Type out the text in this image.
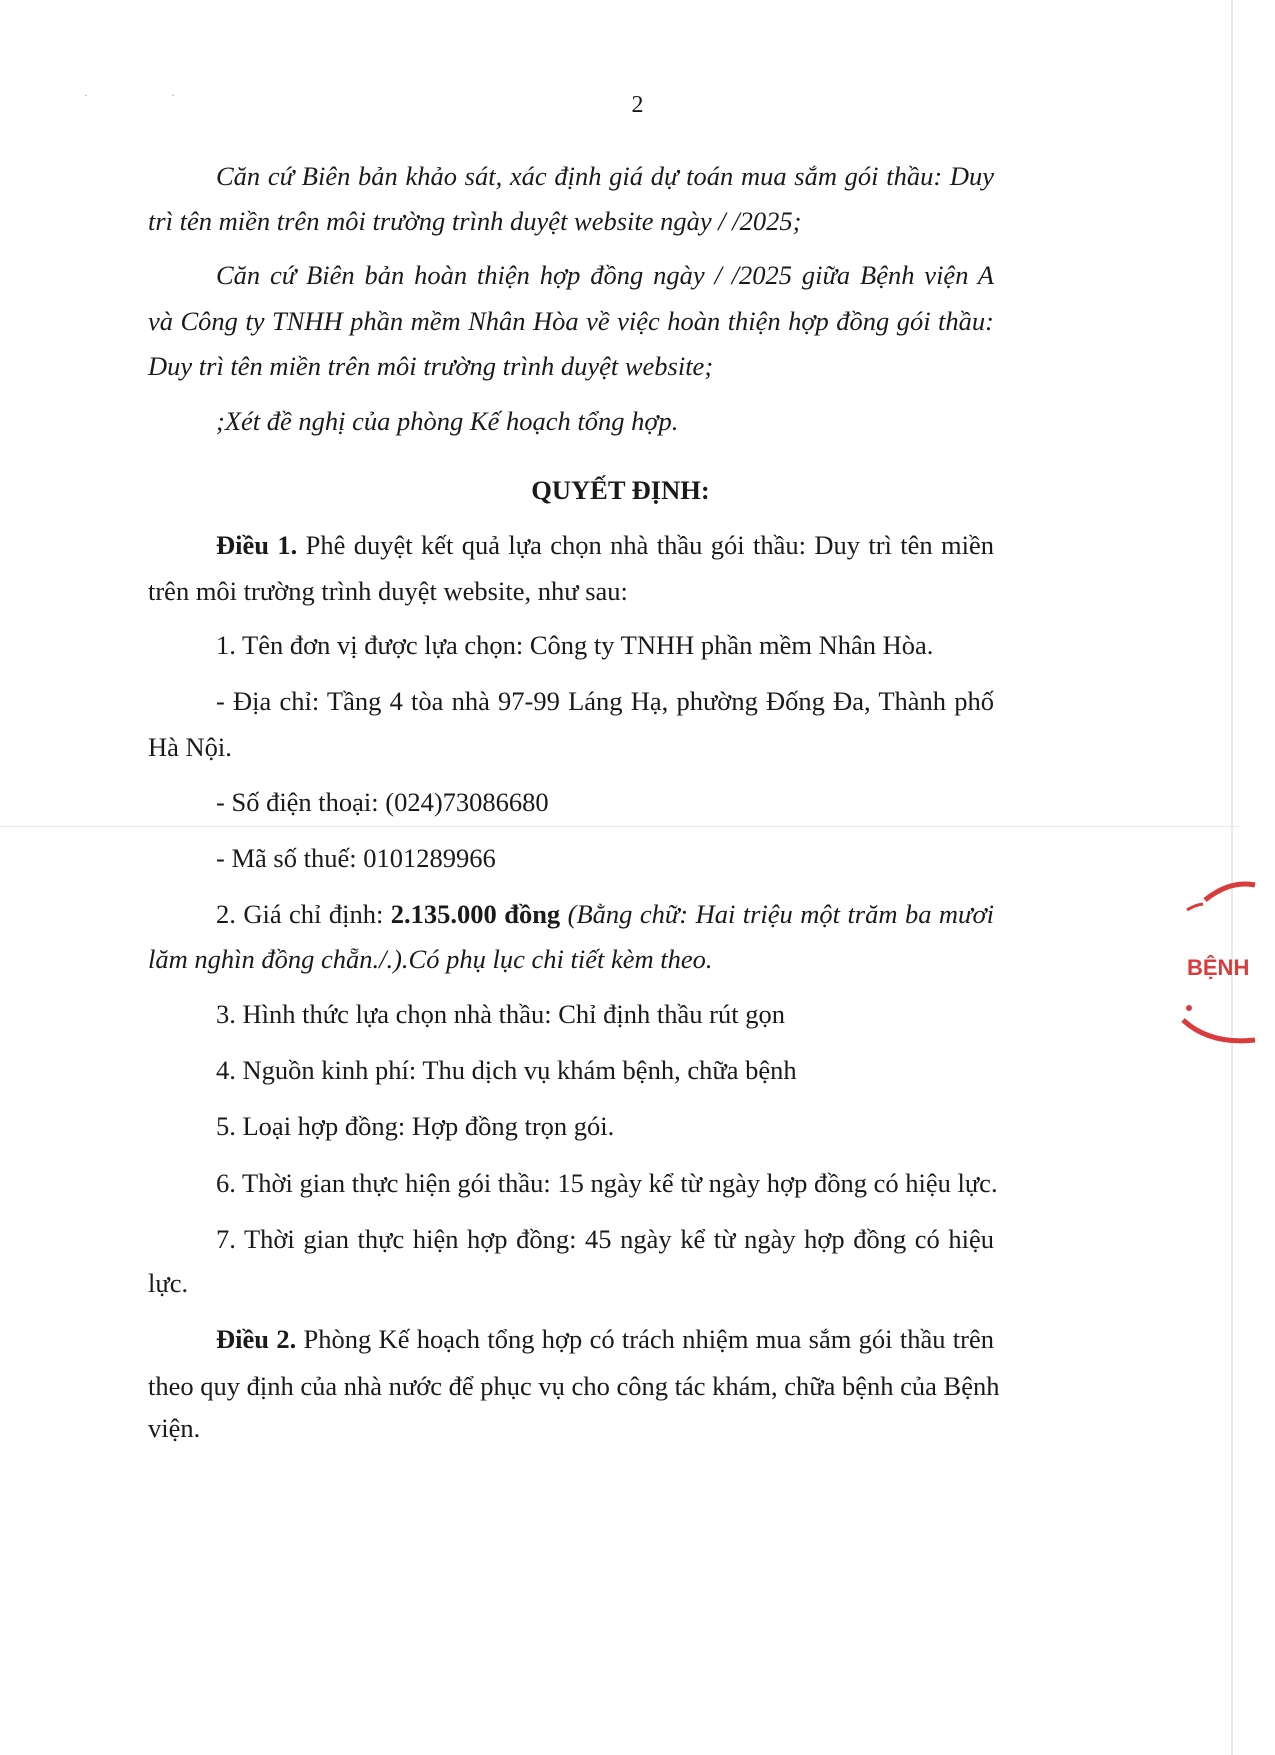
· ·	2
Căn cứ Biên bản khảo sát, xác định giá dự toán mua sắm gói thầu: Duy
trì tên miền trên môi trường trình duyệt website ngày / /2025;
Căn cứ Biên bản hoàn thiện hợp đồng ngày / /2025 giữa Bệnh viện A
và Công ty TNHH phần mềm Nhân Hòa về việc hoàn thiện hợp đồng gói thầu:
Duy trì tên miền trên môi trường trình duyệt website;
;Xét đề nghị của phòng Kế hoạch tổng hợp.
QUYẾT ĐỊNH:
Điều 1. Phê duyệt kết quả lựa chọn nhà thầu gói thầu: Duy trì tên miền
trên môi trường trình duyệt website, như sau:
1. Tên đơn vị được lựa chọn: Công ty TNHH phần mềm Nhân Hòa.
- Địa chỉ: Tầng 4 tòa nhà 97-99 Láng Hạ, phường Đống Đa, Thành phố
Hà Nội.
- Số điện thoại: (024)73086680
- Mã số thuế: 0101289966
2. Giá chỉ định: 2.135.000 đồng (Bằng chữ: Hai triệu một trăm ba mươi
lăm nghìn đồng chẵn./.).Có phụ lục chi tiết kèm theo.
3. Hình thức lựa chọn nhà thầu: Chỉ định thầu rút gọn
4. Nguồn kinh phí: Thu dịch vụ khám bệnh, chữa bệnh
5. Loại hợp đồng: Hợp đồng trọn gói.
6. Thời gian thực hiện gói thầu: 15 ngày kể từ ngày hợp đồng có hiệu lực.
7. Thời gian thực hiện hợp đồng: 45 ngày kể từ ngày hợp đồng có hiệu
lực.
Điều 2. Phòng Kế hoạch tổng hợp có trách nhiệm mua sắm gói thầu trên
theo quy định của nhà nước để phục vụ cho công tác khám, chữa bệnh của Bệnh
viện.
BỆNH
